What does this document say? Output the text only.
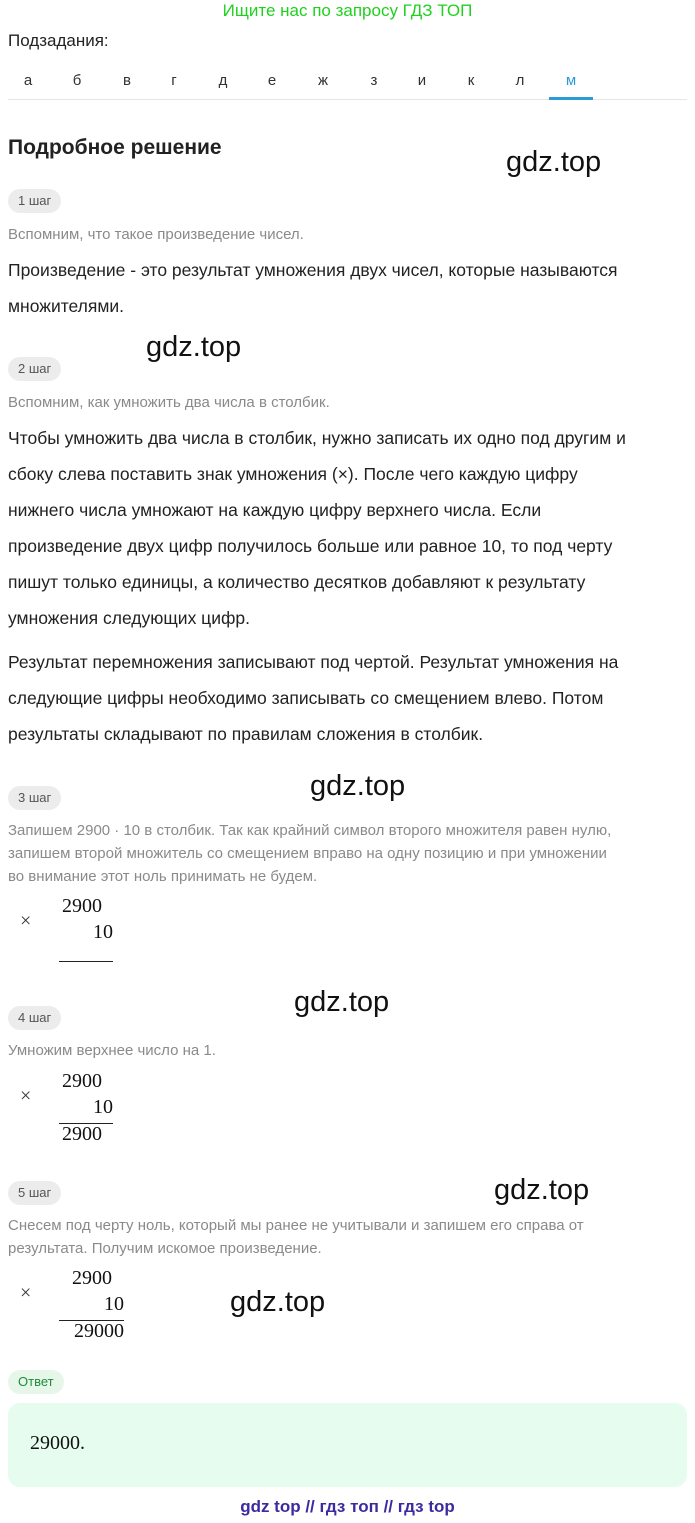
Ищите нас по запросу ГДЗ ТОП
Подзадания:
а	б	в	г	д	е	ж	з	и	к	л	м
Подробное решение	gdz.top
gdz.top
gdz.top
gdz.top
gdz.top
gdz.top
1 шаг
Вспомним, что такое произведение чисел.
Произведение - это результат умножения двух чисел, которые называются
множителями.
2 шаг
Вспомним, как умножить два числа в столбик.
Чтобы умножить два числа в столбик, нужно записать их одно под другим и
сбоку слева поставить знак умножения (×). После чего каждую цифру
нижнего числа умножают на каждую цифру верхнего числа. Если
произведение двух цифр получилось больше или равное 10, то под черту
пишут только единицы, а количество десятков добавляют к результату
умножения следующих цифр.
Результат перемножения записывают под чертой. Результат умножения на
следующие цифры необходимо записывать со смещением влево. Потом
результаты складывают по правилам сложения в столбик.
3 шаг
Запишем 2900 · 10 в столбик. Так как крайний символ второго множителя равен нулю,
запишем второй множитель со смещением вправо на одну позицию и при умножении
во внимание этот ноль принимать не будем.
×
2900
10
4 шаг
Умножим верхнее число на 1.
×
2900
10
2900
5 шаг
Снесем под черту ноль, который мы ранее не учитывали и запишем его справа от
результата. Получим искомое произведение.
×
2900
10
29000
Ответ
29000.
gdz top // гдз топ // гдз top
